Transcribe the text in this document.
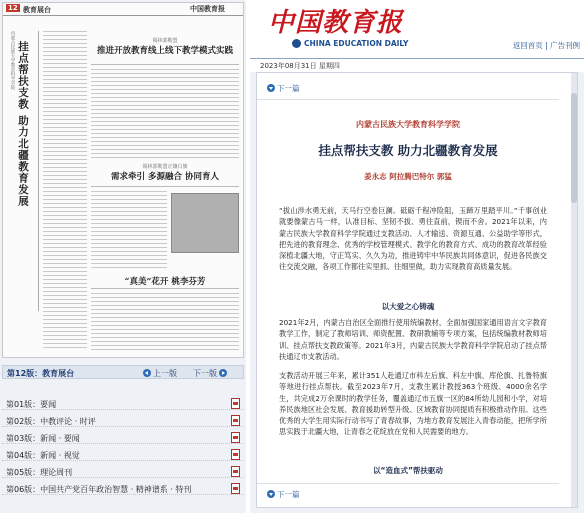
12 教育展台	中国教育报
内蒙古民族大学教育科学学院 挂点帮扶支教 助力北疆教育发展	锡林郭勒盟
推进开放教育线上线下教学模式实践
锡林郭勒盟正镶白旗
需求牵引 多源融合 协同育人
“真美”花开 桃李芬芳
第12版：教育展台	上一版 下一版
第01版：要闻
第02版：中教评论 · 时评
第03版：新闻 · 要闻
第04版：新闻 · 视觉
第05版：理论周刊
第06版：中国共产党百年政治智慧 · 精神谱系 · 特刊
中国教育报
CHINA EDUCATION DAILY	返回首页 | 广告刊例
2023年08月31日 星期四
下一篇
内蒙古民族大学教育科学学院
挂点帮扶支教 助力北疆教育发展
姜永志 阿拉腾巴特尔 郭猛
“拔山涉水勇无前，天马行空卷巨澜。砥砺千程冲险阻，玉蹄万里踏平川。”千事创业就要像蒙古马一样，认准目标、坚韧不拔、勇往直前，锲而不舍。2021年以来，内蒙古民族大学教育科学学院通过支教活动、人才输送、资源互通、公益助学等形式，把先进的教育理念、优秀的学校管理模式、教学化的教育方式、成功的教育改革经验深植北疆大地，守正笃实、久久为功，推进铸牢中华民族共同体意识，促进各民族交往交流交融，各项工作都往实里抓、往细里做，助力实现教育高质量发展。
以大爱之心铸魂
2021年2月，内蒙古自治区全面推行使用统编教材，全面加强国家通用语言文字教育教学工作，制定了教师培训、师资配置、教研教辅等专项方案，包括统编教材教师培训、挂点帮扶支教政策等。2021年3月，内蒙古民族大学教育科学学院启动了挂点帮扶通辽市支教活动。
支教活动开展三年来，累计351人赴通辽市科左后旗、科左中旗、库伦旗、扎鲁特旗等地进行挂点帮扶。截至2023年7月，支教生累计教授363个班级、4000余名学生，共完成2万余课时的教学任务，覆盖通辽市五旗一区的84所幼儿园和小学，对培养民族地区社会发展、教育援助转型升级、区域教育协同提质有积极推动作用。这些优秀的大学生用实际行动书写了青春故事，为地方教育发展注入青春动能，把所学所思实践于北疆大地，让青春之花绽放在党和人民需要的地方。
以“造血式”帮扶驱动
下一篇
